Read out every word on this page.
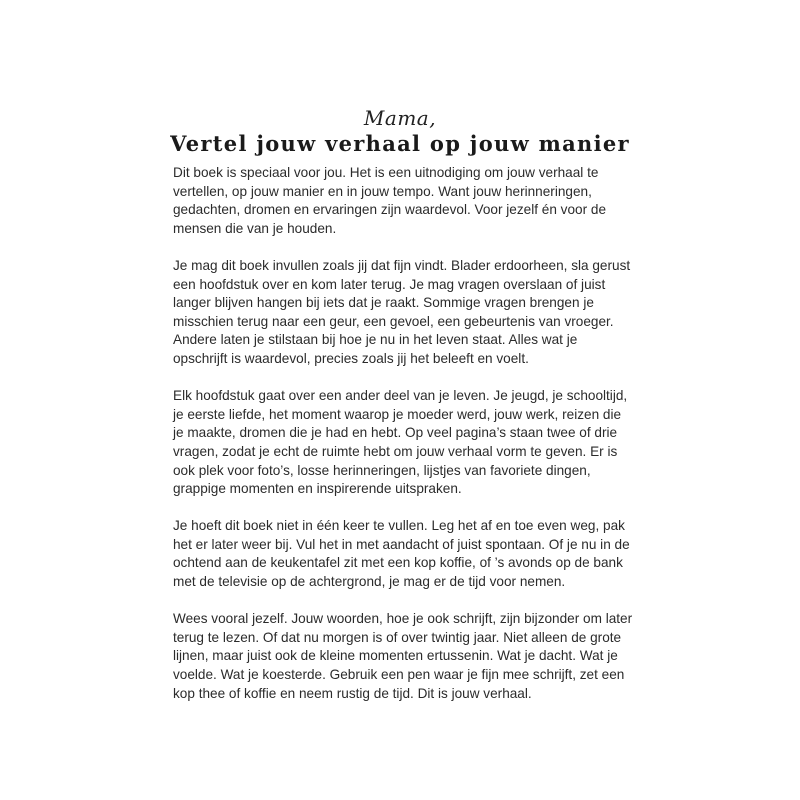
Mama,
Vertel jouw verhaal op jouw manier

Dit boek is speciaal voor jou. Het is een uitnodiging om jouw verhaal te vertellen, op jouw manier en in jouw tempo. Want jouw herinneringen, gedachten, dromen en ervaringen zijn waardevol. Voor jezelf én voor de mensen die van je houden.

Je mag dit boek invullen zoals jij dat fijn vindt. Blader erdoorheen, sla gerust een hoofdstuk over en kom later terug. Je mag vragen overslaan of juist langer blijven hangen bij iets dat je raakt. Sommige vragen brengen je misschien terug naar een geur, een gevoel, een gebeurtenis van vroeger. Andere laten je stilstaan bij hoe je nu in het leven staat. Alles wat je opschrijft is waardevol, precies zoals jij het beleeft en voelt.

Elk hoofdstuk gaat over een ander deel van je leven. Je jeugd, je schooltijd, je eerste liefde, het moment waarop je moeder werd, jouw werk, reizen die je maakte, dromen die je had en hebt. Op veel pagina’s staan twee of drie vragen, zodat je echt de ruimte hebt om jouw verhaal vorm te geven. Er is ook plek voor foto’s, losse herinneringen, lijstjes van favoriete dingen, grappige momenten en inspirerende uitspraken.

Je hoeft dit boek niet in één keer te vullen. Leg het af en toe even weg, pak het er later weer bij. Vul het in met aandacht of juist spontaan. Of je nu in de ochtend aan de keukentafel zit met een kop koffie, of ’s avonds op de bank met de televisie op de achtergrond, je mag er de tijd voor nemen.

Wees vooral jezelf. Jouw woorden, hoe je ook schrijft, zijn bijzonder om later terug te lezen. Of dat nu morgen is of over twintig jaar. Niet alleen de grote lijnen, maar juist ook de kleine momenten ertussenin. Wat je dacht. Wat je voelde. Wat je koesterde. Gebruik een pen waar je fijn mee schrijft, zet een kop thee of koffie en neem rustig de tijd. Dit is jouw verhaal.
